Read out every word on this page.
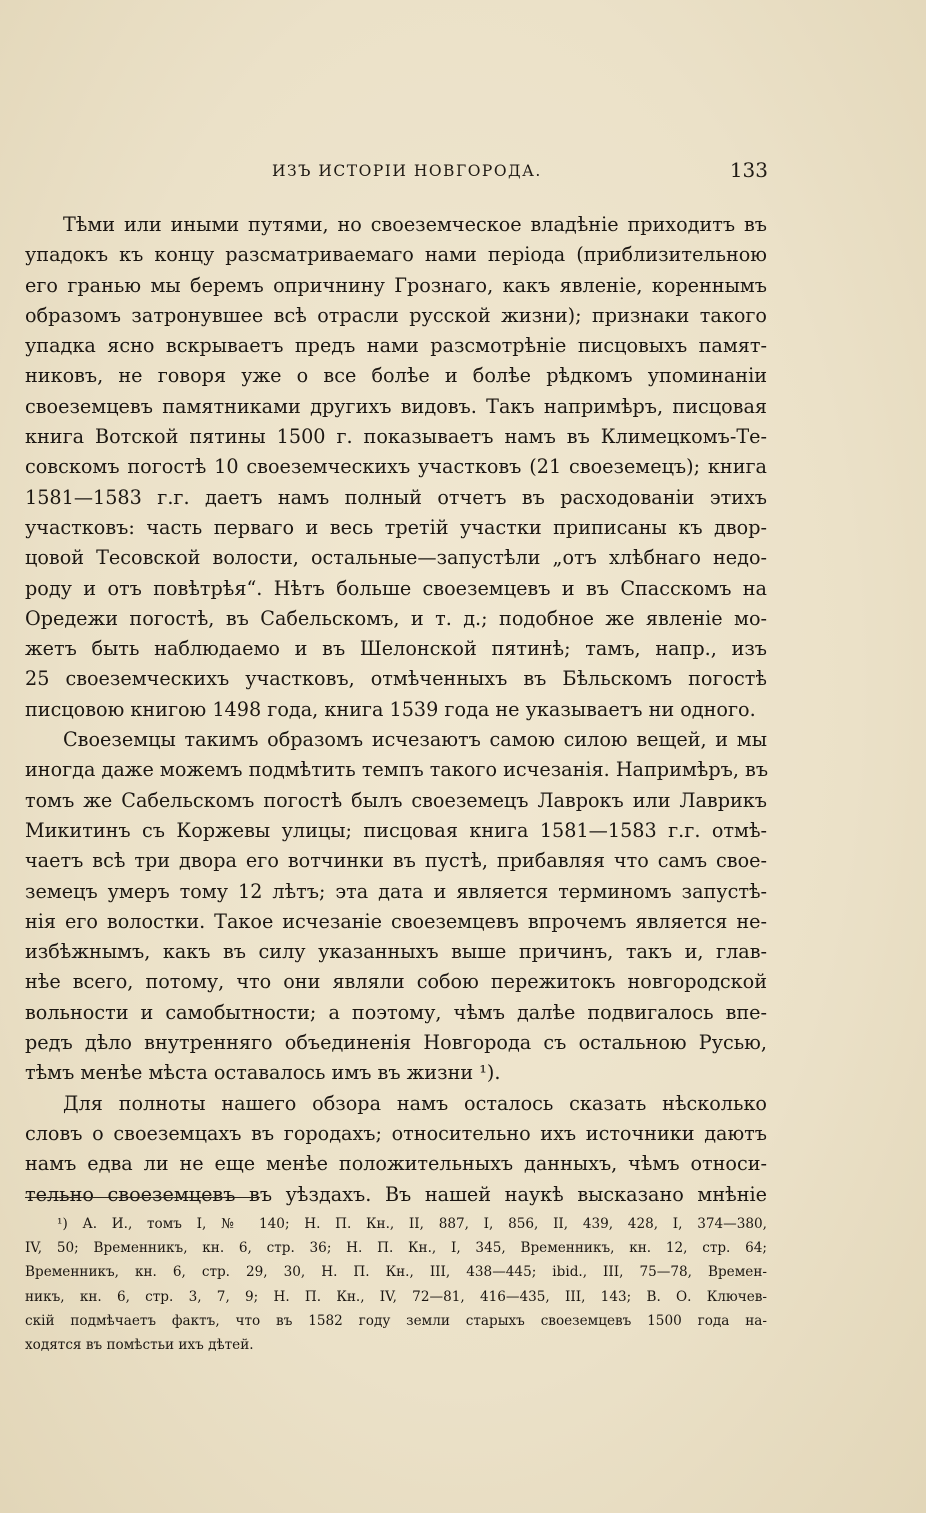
ИЗЪ ИСТОРІИ НОВГОРОДА.	133
Тѣми или иными путями, но своеземческое владѣніе приходитъ въ
упадокъ къ концу разсматриваемаго нами періода (приблизительною
его гранью мы беремъ опричнину Грознаго, какъ явленіе, кореннымъ
образомъ затронувшее всѣ отрасли русской жизни); признаки такого
упадка ясно вскрываетъ предъ нами разсмотрѣніе писцовыхъ памят-
никовъ, не говоря уже о все болѣе и болѣе рѣдкомъ упоминаніи
своеземцевъ памятниками другихъ видовъ. Такъ напримѣръ, писцовая
книга Вотской пятины 1500 г. показываетъ намъ въ Климецкомъ-Те-
совскомъ погостѣ 10 своеземческихъ участковъ (21 своеземецъ); книга
1581—1583 г.г. даетъ намъ полный отчетъ въ расходованіи этихъ
участковъ: часть перваго и весь третій участки приписаны къ двор-
цовой Тесовской волости, остальные—запустѣли „отъ хлѣбнаго недо-
роду и отъ повѣтрѣя“. Нѣтъ больше своеземцевъ и въ Спасскомъ на
Оредежи погостѣ, въ Сабельскомъ, и т. д.; подобное же явленіе мо-
жетъ быть наблюдаемо и въ Шелонской пятинѣ; тамъ, напр., изъ
25 своеземческихъ участковъ, отмѣченныхъ въ Бѣльскомъ погостѣ
писцовою книгою 1498 года, книга 1539 года не указываетъ ни одного.
Своеземцы такимъ образомъ исчезаютъ самою силою вещей, и мы
иногда даже можемъ подмѣтить темпъ такого исчезанія. Напримѣръ, въ
томъ же Сабельскомъ погостѣ былъ своеземецъ Лаврокъ или Лаврикъ
Микитинъ съ Коржевы улицы; писцовая книга 1581—1583 г.г. отмѣ-
чаетъ всѣ три двора его вотчинки въ пустѣ, прибавляя что самъ свое-
земецъ умеръ тому 12 лѣтъ; эта дата и является терминомъ запустѣ-
нія его волостки. Такое исчезаніе своеземцевъ впрочемъ является не-
избѣжнымъ, какъ въ силу указанныхъ выше причинъ, такъ и, глав-
нѣе всего, потому, что они являли собою пережитокъ новгородской
вольности и самобытности; а поэтому, чѣмъ далѣе подвигалось впе-
редъ дѣло внутренняго объединенія Новгорода съ остальною Русью,
тѣмъ менѣе мѣста оставалось имъ въ жизни ¹).
Для полноты нашего обзора намъ осталось сказать нѣсколько
словъ о своеземцахъ въ городахъ; относительно ихъ источники даютъ
намъ едва ли не еще менѣе положительныхъ данныхъ, чѣмъ относи-
тельно своеземцевъ въ уѣздахъ. Въ нашей наукѣ высказано мнѣніе
¹) А. И., томъ I, № 140; Н. П. Кн., II, 887, I, 856, II, 439, 428, I, 374—380,
IV, 50; Временникъ, кн. 6, стр. 36; Н. П. Кн., I, 345, Временникъ, кн. 12, стр. 64;
Временникъ, кн. 6, стр. 29, 30, Н. П. Кн., III, 438—445; ibid., III, 75—78, Времен-
никъ, кн. 6, стр. 3, 7, 9; Н. П. Кн., IV, 72—81, 416—435, III, 143; В. О. Ключев-
скій подмѣчаетъ фактъ, что въ 1582 году земли старыхъ своеземцевъ 1500 года на-
ходятся въ помѣстьи ихъ дѣтей.
